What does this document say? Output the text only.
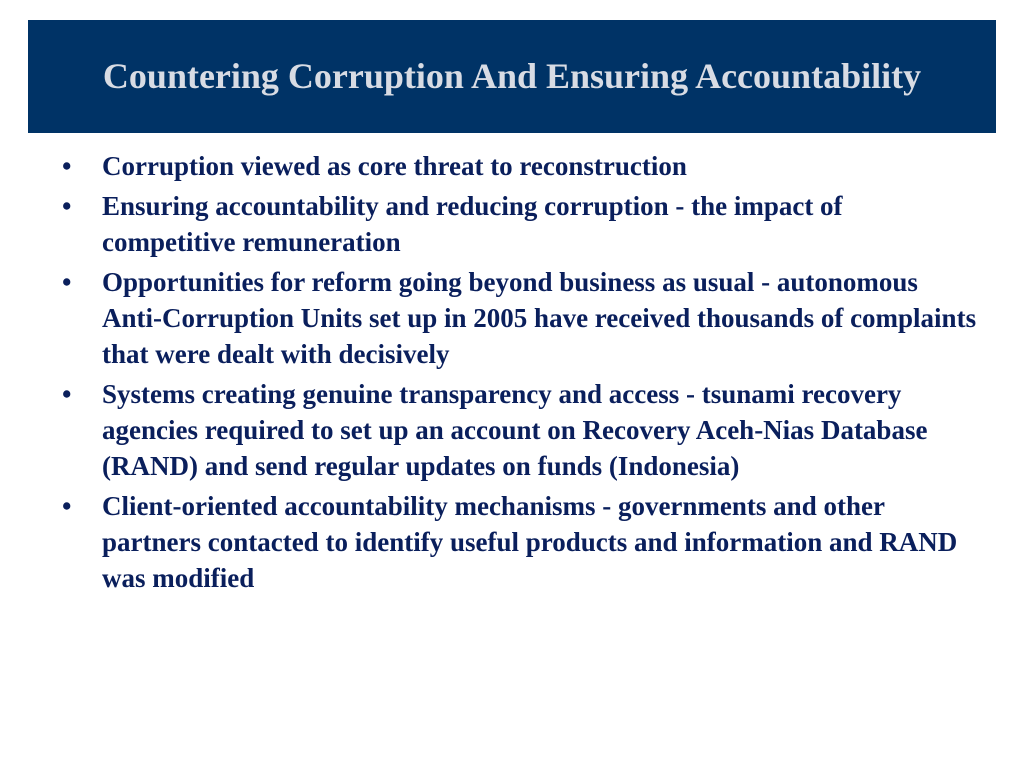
Countering Corruption And Ensuring Accountability
• Corruption viewed as core threat to reconstruction
• Ensuring accountability and reducing corruption - the impact of competitive remuneration
• Opportunities for reform going beyond business as usual - autonomous Anti-Corruption Units set up in 2005 have received thousands of complaints that were dealt with decisively
• Systems creating genuine transparency and access - tsunami recovery agencies required to set up an account on Recovery Aceh-Nias Database (RAND) and send regular updates on funds (Indonesia)
• Client-oriented accountability mechanisms - governments and other partners contacted to identify useful products and information and RAND was modified
